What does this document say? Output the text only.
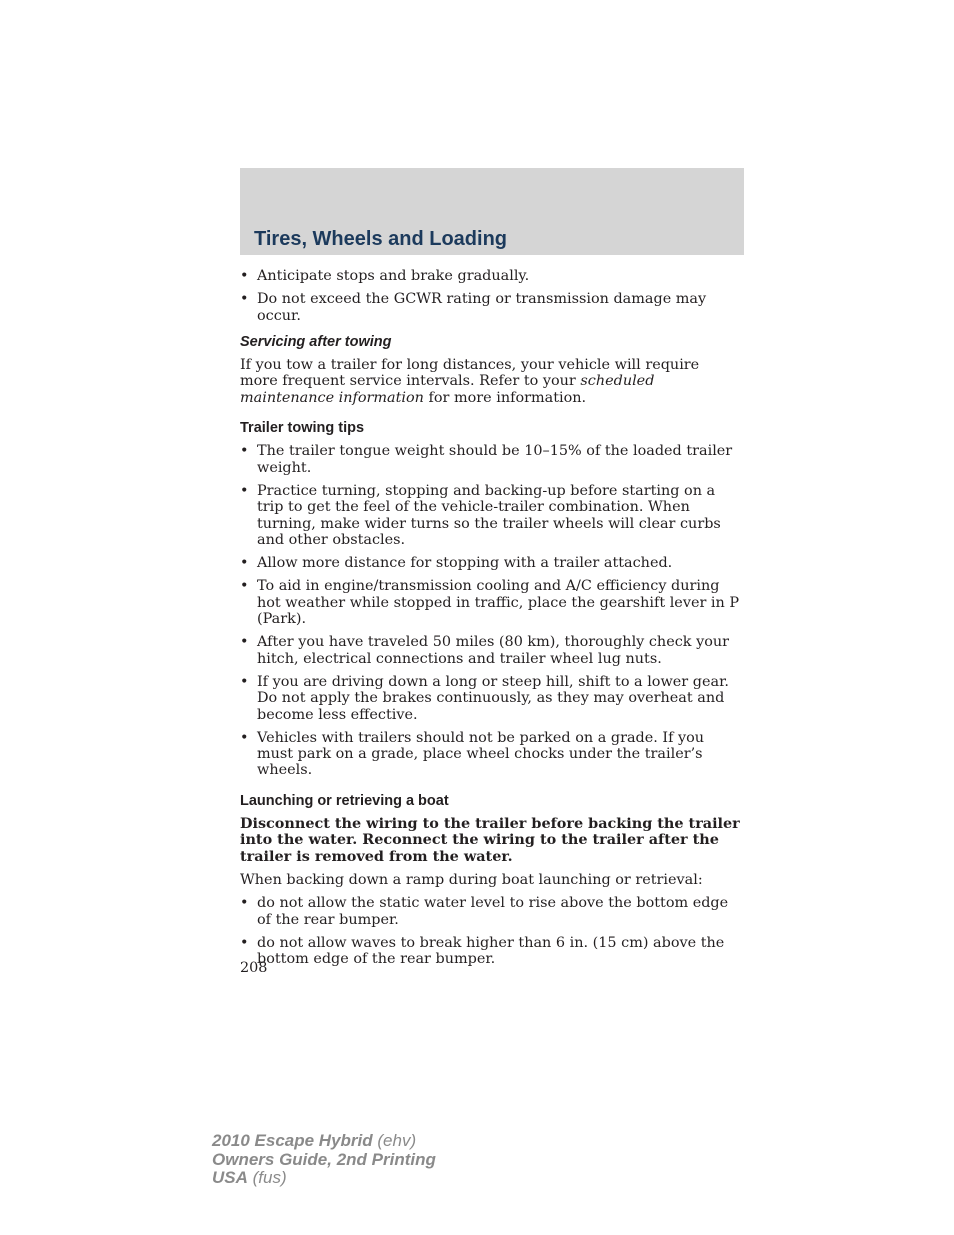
Tires, Wheels and Loading
• Anticipate stops and brake gradually.
• Do not exceed the GCWR rating or transmission damage may occur.
Servicing after towing
If you tow a trailer for long distances, your vehicle will require more frequent service intervals. Refer to your scheduled maintenance information for more information.
Trailer towing tips
• The trailer tongue weight should be 10–15% of the loaded trailer weight.
• Practice turning, stopping and backing-up before starting on a trip to get the feel of the vehicle-trailer combination. When turning, make wider turns so the trailer wheels will clear curbs and other obstacles.
• Allow more distance for stopping with a trailer attached.
• To aid in engine/transmission cooling and A/C efficiency during hot weather while stopped in traffic, place the gearshift lever in P (Park).
• After you have traveled 50 miles (80 km), thoroughly check your hitch, electrical connections and trailer wheel lug nuts.
• If you are driving down a long or steep hill, shift to a lower gear. Do not apply the brakes continuously, as they may overheat and become less effective.
• Vehicles with trailers should not be parked on a grade. If you must park on a grade, place wheel chocks under the trailer’s wheels.
Launching or retrieving a boat
Disconnect the wiring to the trailer before backing the trailer into the water. Reconnect the wiring to the trailer after the trailer is removed from the water.
When backing down a ramp during boat launching or retrieval:
• do not allow the static water level to rise above the bottom edge of the rear bumper.
• do not allow waves to break higher than 6 in. (15 cm) above the bottom edge of the rear bumper.
208
2010 Escape Hybrid (ehv)
Owners Guide, 2nd Printing
USA (fus)
